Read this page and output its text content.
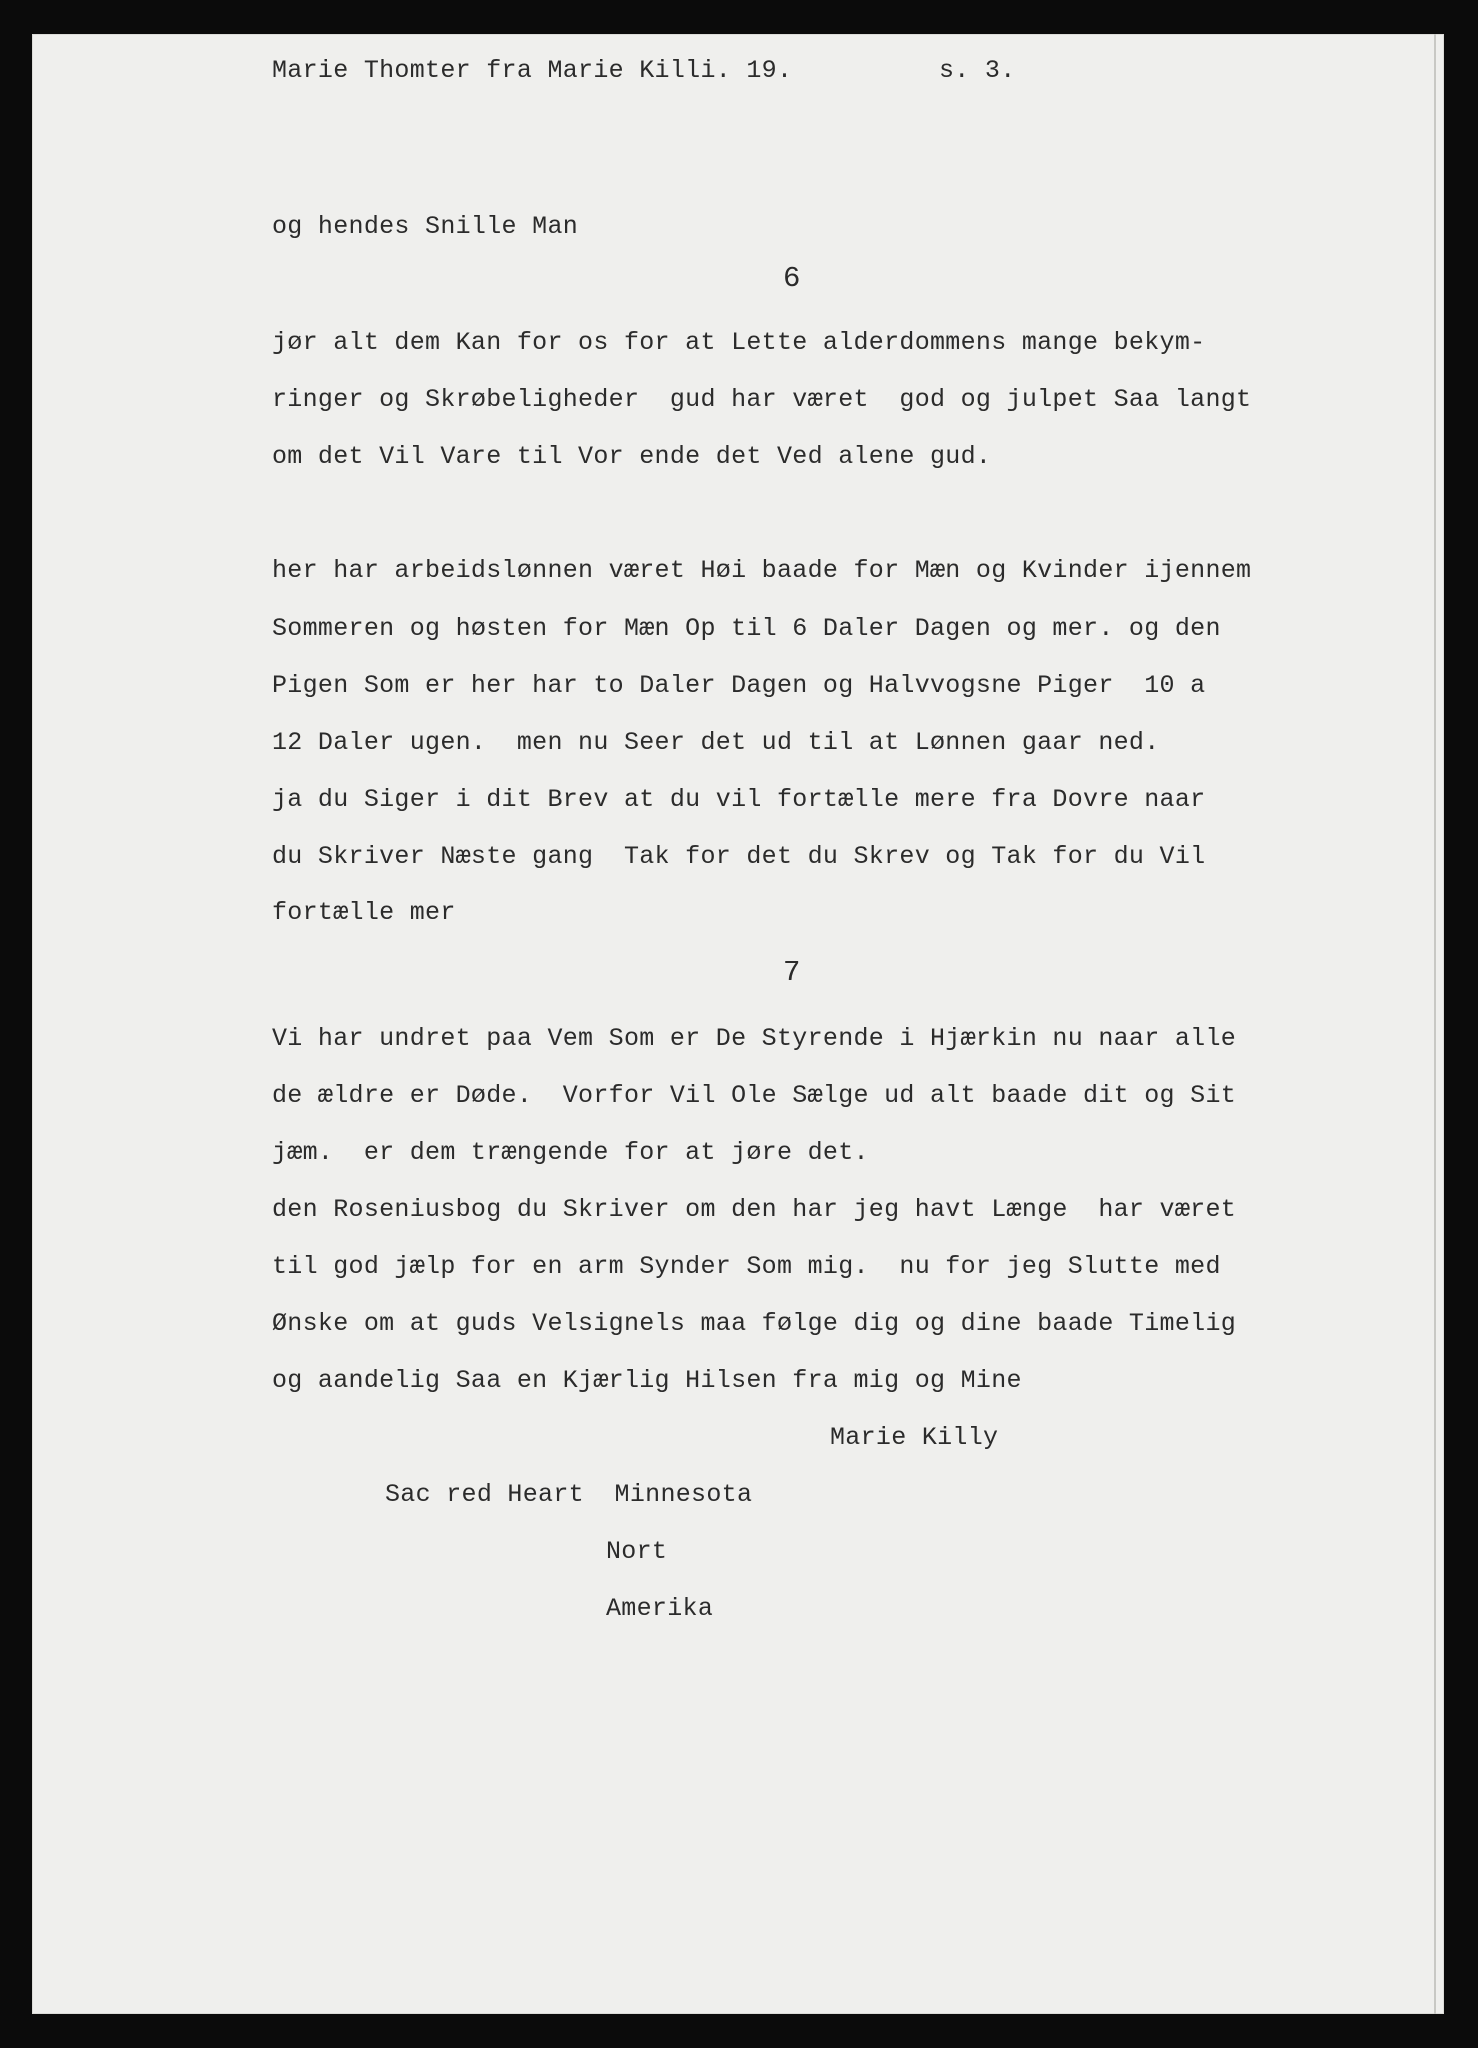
Marie Thomter fra Marie Killi. 19.	s. 3.

og hendes Snille Man

6

jør alt dem Kan for os for at Lette alderdommens mange bekym-

ringer og Skrøbeligheder  gud har været  god og julpet Saa langt

om det Vil Vare til Vor ende det Ved alene gud.

her har arbeidslønnen været Høi baade for Mæn og Kvinder ijennem

Sommeren og høsten for Mæn Op til 6 Daler Dagen og mer. og den

Pigen Som er her har to Daler Dagen og Halvvogsne Piger  10 a

12 Daler ugen.  men nu Seer det ud til at Lønnen gaar ned.

ja du Siger i dit Brev at du vil fortælle mere fra Dovre naar

du Skriver Næste gang  Tak for det du Skrev og Tak for du Vil

fortælle mer

7

Vi har undret paa Vem Som er De Styrende i Hjærkin nu naar alle

de ældre er Døde.  Vorfor Vil Ole Sælge ud alt baade dit og Sit

jæm.  er dem trængende for at jøre det.

den Roseniusbog du Skriver om den har jeg havt Længe  har været

til god jælp for en arm Synder Som mig.  nu for jeg Slutte med

Ønske om at guds Velsignels maa følge dig og dine baade Timelig

og aandelig Saa en Kjærlig Hilsen fra mig og Mine

Marie Killy

Sac red Heart  Minnesota

Nort

Amerika
